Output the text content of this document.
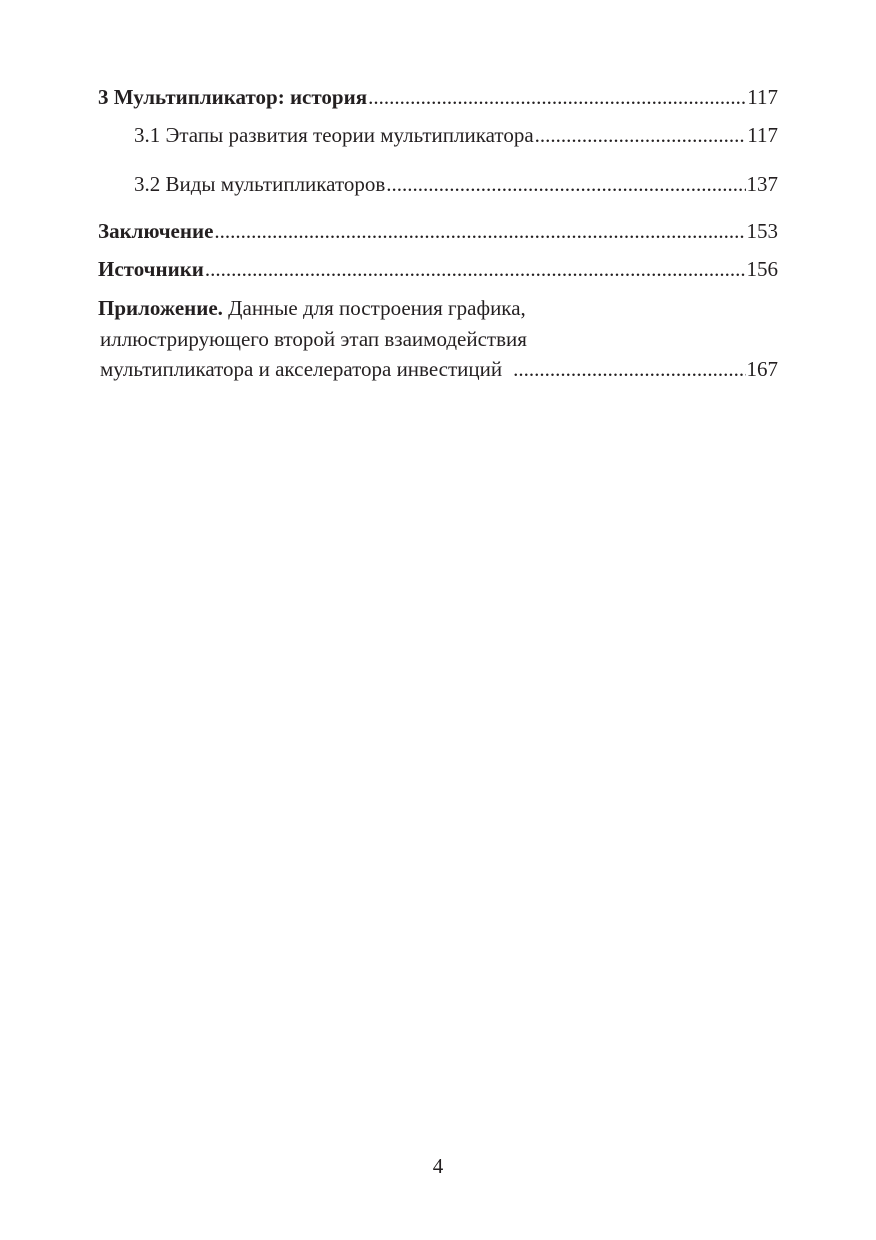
3 Мультипликатор: история .....	117
3.1 Этапы развития теории мультипликатора .....	117
3.2 Виды мультипликаторов .....	137
Заключение .....	153
Источники .....	156
Приложение. Данные для построения графика,
иллюстрирующего второй этап взаимодействия
мультипликатора и акселератора инвестиций .....	167
4
